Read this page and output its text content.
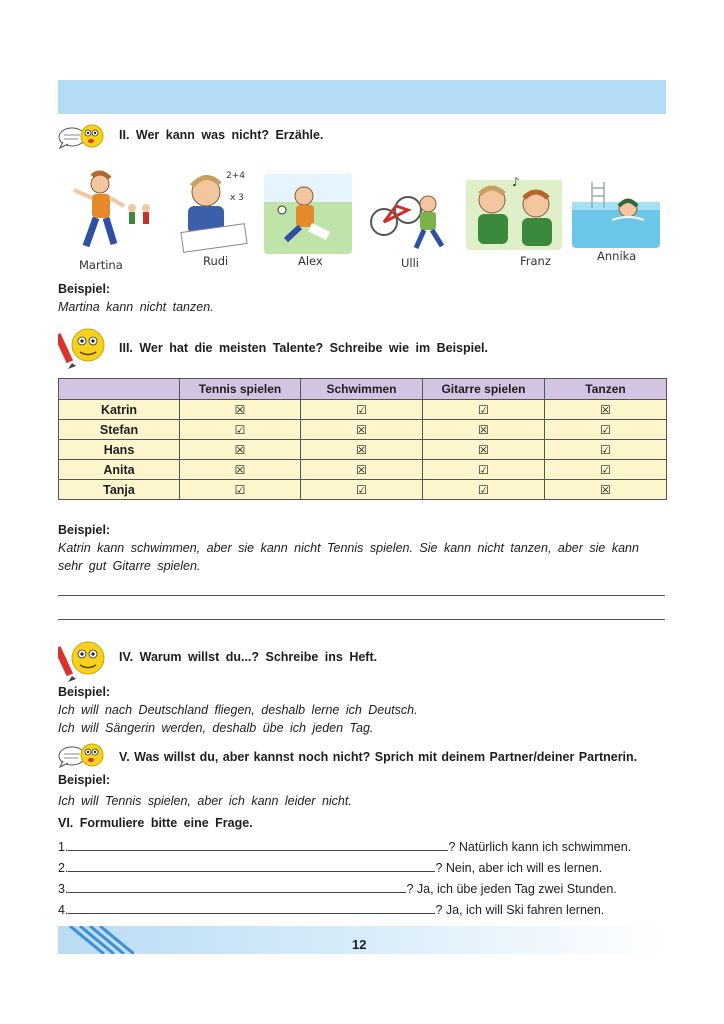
II. Wer kann was nicht? Erzähle.
2+4
x 3
♪
Martina	Rudi	Alex	Ulli	Franz	Annika
Beispiel:
Martina kann nicht tanzen.
III. Wer hat die meisten Talente? Schreibe wie im Beispiel.
	Tennis spielen	Schwimmen	Gitarre spielen	Tanzen
Katrin	☒	☑	☑	☒
Stefan	☑	☒	☒	☑
Hans	☒	☒	☒	☑
Anita	☒	☒	☑	☑
Tanja	☑	☑	☑	☒
Beispiel:
Katrin kann schwimmen, aber sie kann nicht Tennis spielen. Sie kann nicht tanzen, aber sie kann
sehr gut Gitarre spielen.
IV. Warum willst du...? Schreibe ins Heft.
Beispiel:
Ich will nach Deutschland fliegen, deshalb lerne ich Deutsch.
Ich will Sängerin werden, deshalb übe ich jeden Tag.
V. Was willst du, aber kannst noch nicht? Sprich mit deinem Partner/deiner Partnerin.
Beispiel:
Ich will Tennis spielen, aber ich kann leider nicht.
VI. Formuliere bitte eine Frage.
1.	? Natürlich kann ich schwimmen.
2.	? Nein, aber ich will es lernen.
3.	? Ja, ich übe jeden Tag zwei Stunden.
4.	? Ja, ich will Ski fahren lernen.
12
